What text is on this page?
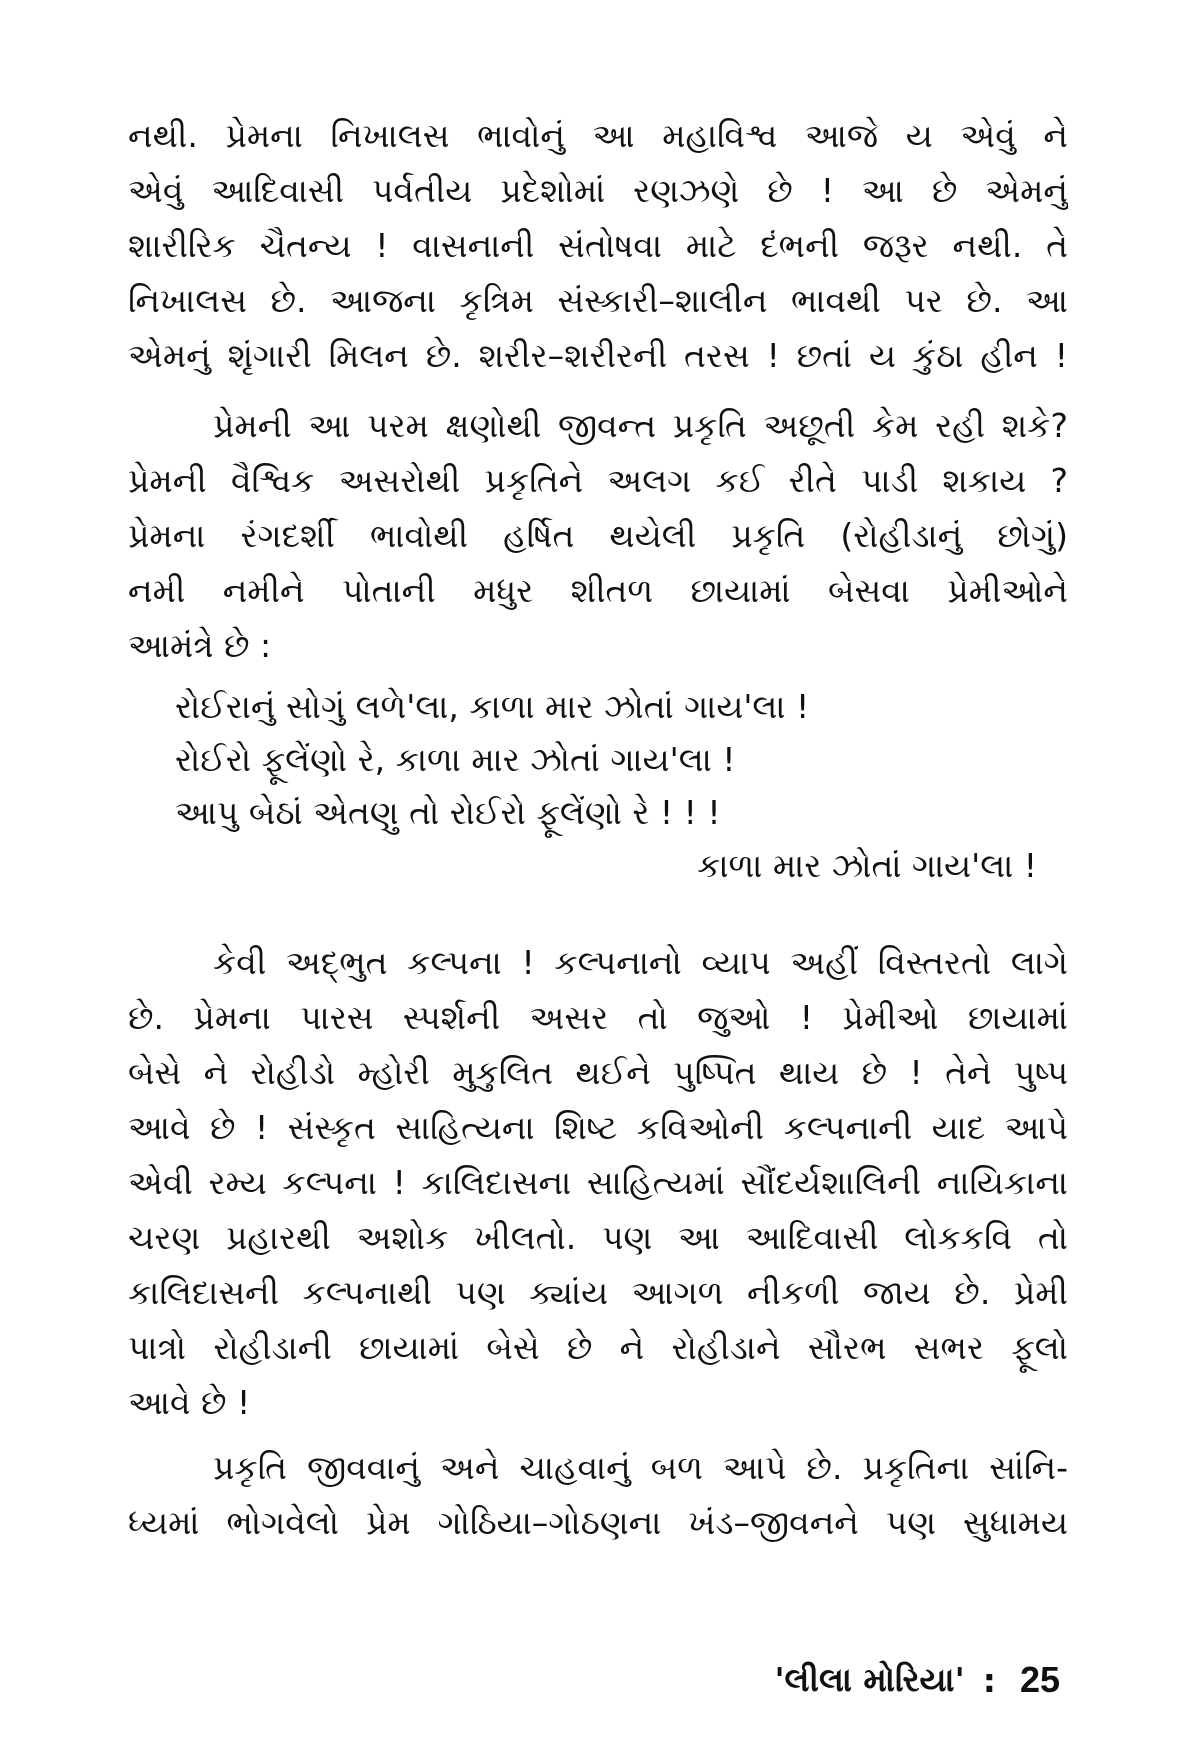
નથી. પ્રેમના નિખાલસ ભાવોનું આ મહાવિશ્વ આજે ય એવું ને
એવું આદિવાસી પર્વતીય પ્રદેશોમાં રણઝણે છે ! આ છે એમનું
શારીરિક ચૈતન્ય ! વાસનાની સંતોષવા માટે દંભની જરૂર નથી. તે
નિખાલસ છે. આજના કૃત્રિમ સંસ્કારી–શાલીન ભાવથી પર છે. આ
એમનું શૃંગારી મિલન છે. શરીર–શરીરની તરસ ! છતાં ય કુંઠા હીન !
પ્રેમની આ પરમ ક્ષણોથી જીવન્ત પ્રકૃતિ અછૂતી કેમ રહી શકે?
પ્રેમની વૈશ્વિક અસરોથી પ્રકૃતિને અલગ કઈ રીતે પાડી શકાય ?
પ્રેમના રંગદર્શી ભાવોથી હર્ષિત થયેલી પ્રકૃતિ (રોહીડાનું છોગું)
નમી નમીને પોતાની મધુર શીતળ છાયામાં બેસવા પ્રેમીઓને
આમંત્રે છે :
રોઈરાનું સોગું લળે'લા, કાળા માર ઝોતાં ગાય'લા !
રોઈરો ફૂલેંણો રે, કાળા માર ઝોતાં ગાય'લા !
આપુ બેઠાં એતણુ તો રોઈરો ફૂલેંણો રે ! ! !
કાળા માર ઝોતાં ગાય'લા !
કેવી અદ્‌ભુત કલ્પના ! કલ્પનાનો વ્યાપ અહીં વિસ્તરતો લાગે
છે. પ્રેમના પારસ સ્પર્શની અસર તો જુઓ ! પ્રેમીઓ છાયામાં
બેસે ને રોહીડો મ્હોરી મુકુલિત થઈને પુષ્પિત થાય છે ! તેને પુષ્પ
આવે છે ! સંસ્કૃત સાહિત્યના શિષ્ટ કવિઓની કલ્પનાની યાદ આપે
એવી રમ્ય કલ્પના ! કાલિદાસના સાહિત્યમાં સૌંદર્યશાલિની નાયિકાના
ચરણ પ્રહારથી અશોક ખીલતો. પણ આ આદિવાસી લોકકવિ તો
કાલિદાસની કલ્પનાથી પણ ક્યાંય આગળ નીકળી જાય છે. પ્રેમી
પાત્રો રોહીડાની છાયામાં બેસે છે ને રોહીડાને સૌરભ સભર ફૂલો
આવે છે !
પ્રકૃતિ જીવવાનું અને ચાહવાનું બળ આપે છે. પ્રકૃતિના સાંનિ-
ધ્યમાં ભોગવેલો પ્રેમ ગોઠિયા–ગોઠણના ખંડ–જીવનને પણ સુધામય
'લીલા મોરિયા' : 25
